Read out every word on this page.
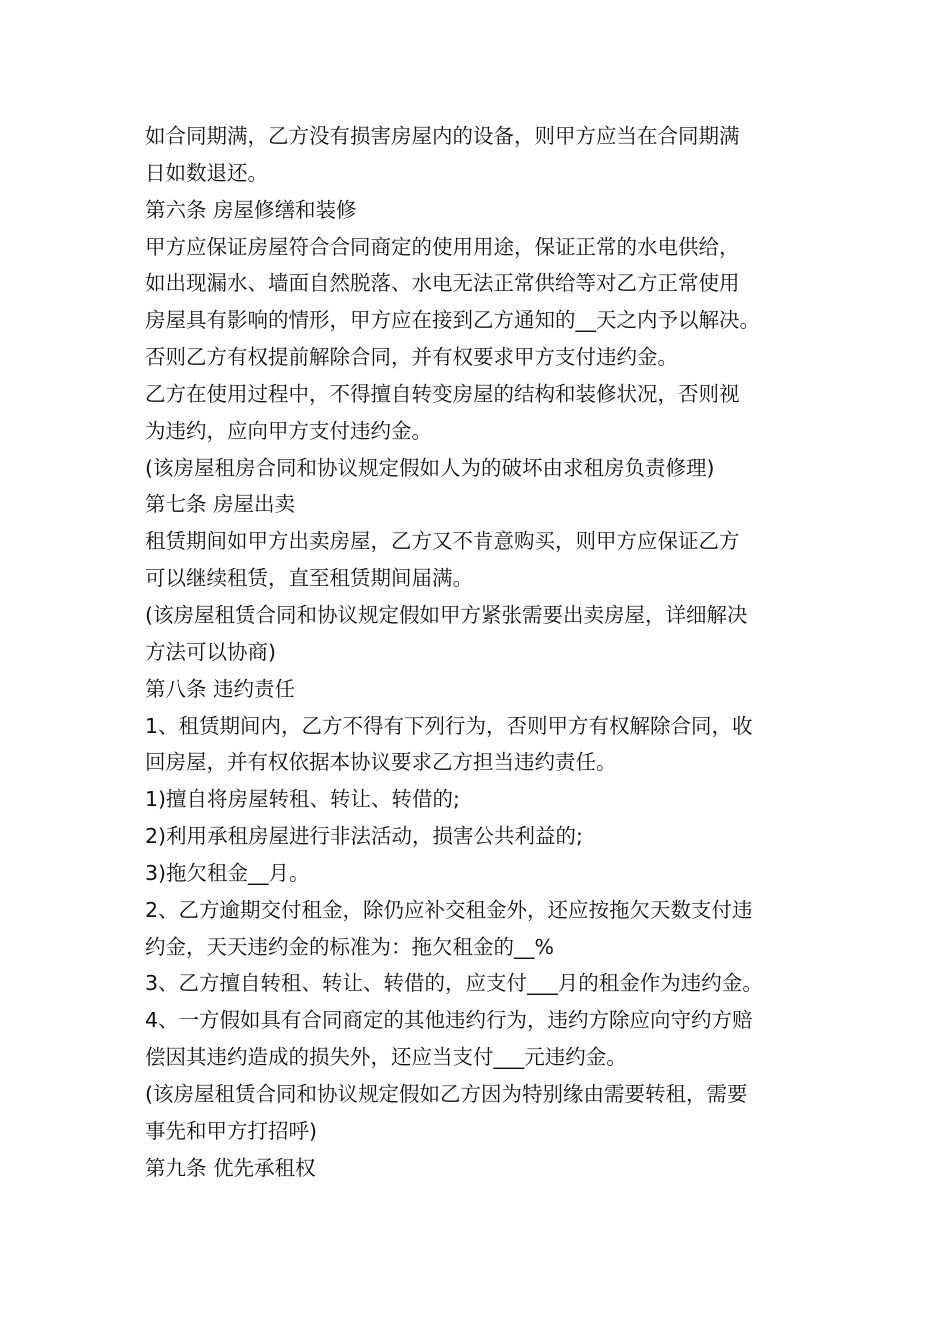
如合同期满，乙方没有损害房屋内的设备，则甲方应当在合同期满
日如数退还。
第六条 房屋修缮和装修
甲方应保证房屋符合合同商定的使用用途，保证正常的水电供给，
如出现漏水、墙面自然脱落、水电无法正常供给等对乙方正常使用
房屋具有影响的情形，甲方应在接到乙方通知的__天之内予以解决。
否则乙方有权提前解除合同，并有权要求甲方支付违约金。
乙方在使用过程中，不得擅自转变房屋的结构和装修状况，否则视
为违约，应向甲方支付违约金。
(该房屋租房合同和协议规定假如人为的破坏由求租房负责修理)
第七条 房屋出卖
租赁期间如甲方出卖房屋，乙方又不肯意购买，则甲方应保证乙方
可以继续租赁，直至租赁期间届满。
(该房屋租赁合同和协议规定假如甲方紧张需要出卖房屋，详细解决
方法可以协商)
第八条 违约责任
1、租赁期间内，乙方不得有下列行为，否则甲方有权解除合同，收
回房屋，并有权依据本协议要求乙方担当违约责任。
1)擅自将房屋转租、转让、转借的;
2)利用承租房屋进行非法活动，损害公共利益的;
3)拖欠租金__月。
2、乙方逾期交付租金，除仍应补交租金外，还应按拖欠天数支付违
约金，天天违约金的标准为：拖欠租金的__%
3、乙方擅自转租、转让、转借的，应支付___月的租金作为违约金。
4、一方假如具有合同商定的其他违约行为，违约方除应向守约方赔
偿因其违约造成的损失外，还应当支付___元违约金。
(该房屋租赁合同和协议规定假如乙方因为特别缘由需要转租，需要
事先和甲方打招呼)
第九条 优先承租权
